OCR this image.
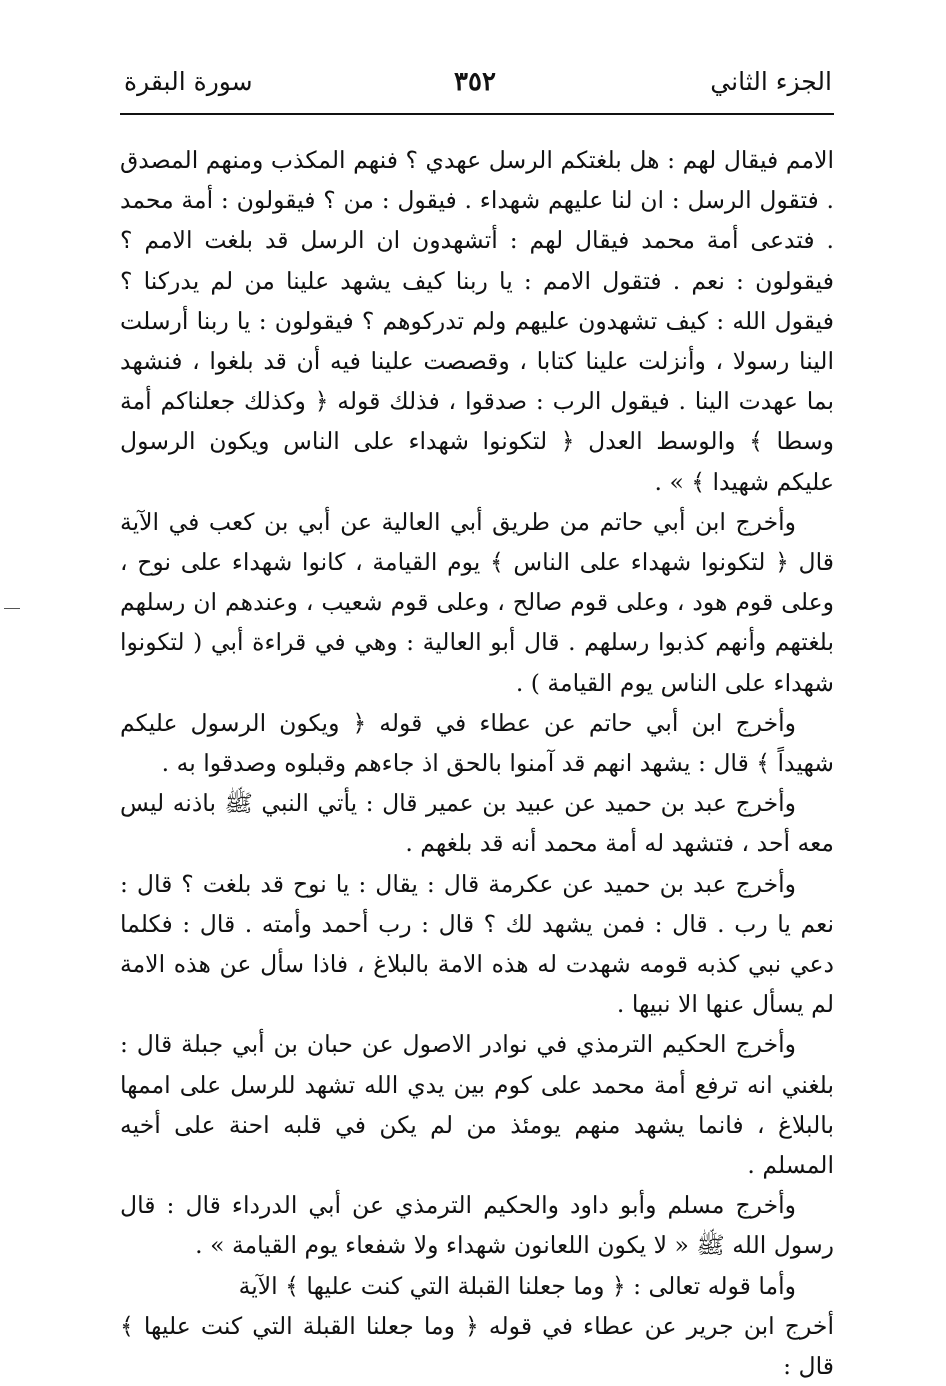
الجزء الثاني
٣٥٢
سورة البقرة

الامم فيقال لهم : هل بلغتكم الرسل عهدي ؟ فنهم المكذب ومنهم المصدق . فتقول الرسل : ان لنا عليهم شهداء . فيقول : من ؟ فيقولون : أمة محمد . فتدعى أمة محمد فيقال لهم : أتشهدون ان الرسل قد بلغت الامم ؟ فيقولون : نعم . فتقول الامم : يا ربنا كيف يشهد علينا من لم يدركنا ؟ فيقول الله : كيف تشهدون عليهم ولم تدركوهم ؟ فيقولون : يا ربنا أرسلت الينا رسولا ، وأنزلت علينا كتابا ، وقصصت علينا فيه أن قد بلغوا ، فنشهد بما عهدت الينا . فيقول الرب : صدقوا ، فذلك قوله ﴿ وكذلك جعلناكم أمة وسطا ﴾ والوسط العدل ﴿ لتكونوا شهداء على الناس ويكون الرسول عليكم شهيدا ﴾ » .

وأخرج ابن أبي حاتم من طريق أبي العالية عن أبي بن كعب في الآية قال ﴿ لتكونوا شهداء على الناس ﴾ يوم القيامة ، كانوا شهداء على نوح ، وعلى قوم هود ، وعلى قوم صالح ، وعلى قوم شعيب ، وعندهم ان رسلهم بلغتهم وأنهم كذبوا رسلهم . قال أبو العالية : وهي في قراءة أبي ( لتكونوا شهداء على الناس يوم القيامة ) .

وأخرج ابن أبي حاتم عن عطاء في قوله ﴿ ويكون الرسول عليكم شهيداً ﴾ قال : يشهد انهم قد آمنوا بالحق اذ جاءهم وقبلوه وصدقوا به .

وأخرج عبد بن حميد عن عبيد بن عمير قال : يأتي النبي ﷺ باذنه ليس معه أحد ، فتشهد له أمة محمد أنه قد بلغهم .

وأخرج عبد بن حميد عن عكرمة قال : يقال : يا نوح قد بلغت ؟ قال : نعم يا رب . قال : فمن يشهد لك ؟ قال : رب أحمد وأمته . قال : فكلما دعي نبي كذبه قومه شهدت له هذه الامة بالبلاغ ، فاذا سأل عن هذه الامة لم يسأل عنها الا نبيها .

وأخرج الحكيم الترمذي في نوادر الاصول عن حبان بن أبي جبلة قال : بلغني انه ترفع أمة محمد على كوم بين يدي الله تشهد للرسل على اممها بالبلاغ ، فانما يشهد منهم يومئذ من لم يكن في قلبه احنة على أخيه المسلم .

وأخرج مسلم وأبو داود والحكيم الترمذي عن أبي الدرداء قال : قال رسول الله ﷺ « لا يكون اللعانون شهداء ولا شفعاء يوم القيامة » .

وأما قوله تعالى : ﴿ وما جعلنا القبلة التي كنت عليها ﴾ الآية

أخرج ابن جرير عن عطاء في قوله ﴿ وما جعلنا القبلة التي كنت عليها ﴾ قال :
